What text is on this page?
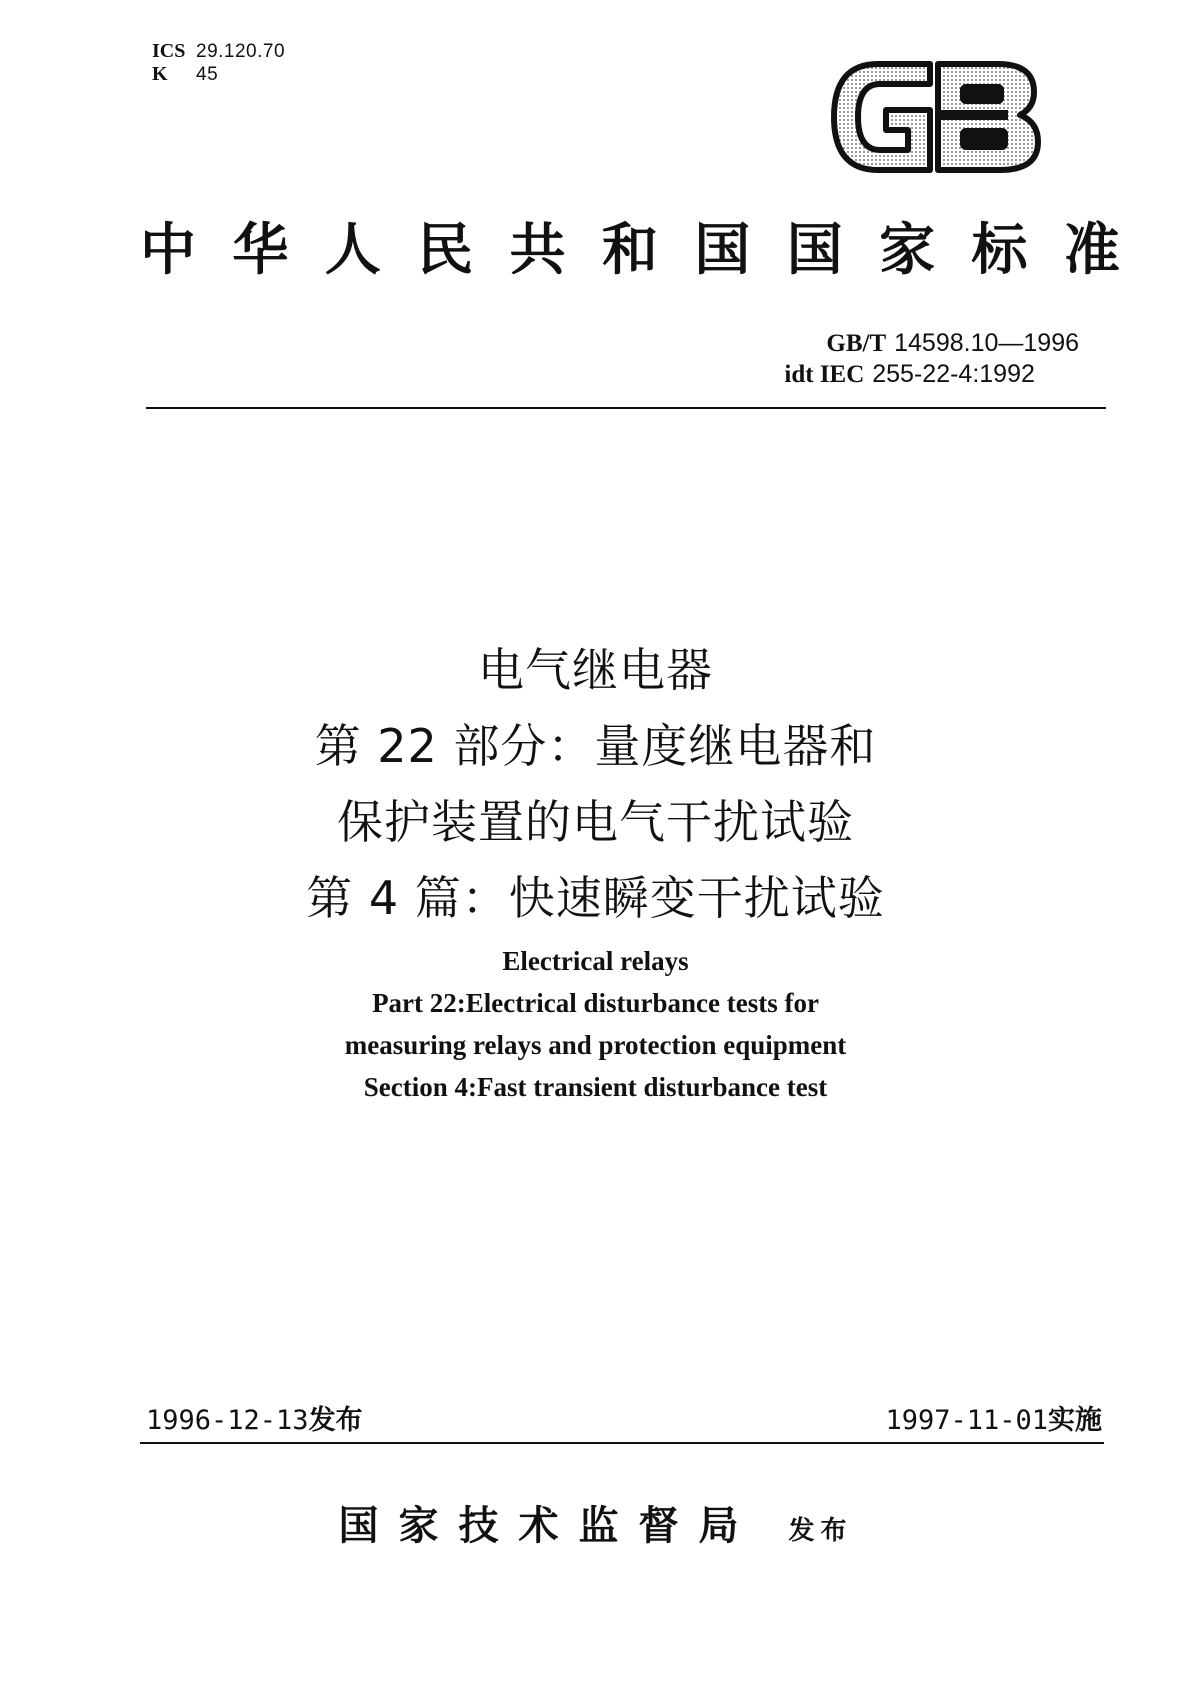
ICS 29.120.70
K 45
中 华 人 民 共 和 国 国 家 标 准
GB/T 14598.10—1996
idt IEC 255-22-4:1992
电气继电器
第 22 部分：量度继电器和
保护装置的电气干扰试验
第 4 篇：快速瞬变干扰试验
Electrical relays
Part 22:Electrical disturbance tests for
measuring relays and protection equipment
Section 4:Fast transient disturbance test
1996-12-13发布	1997-11-01实施
国家技术监督局 发布
